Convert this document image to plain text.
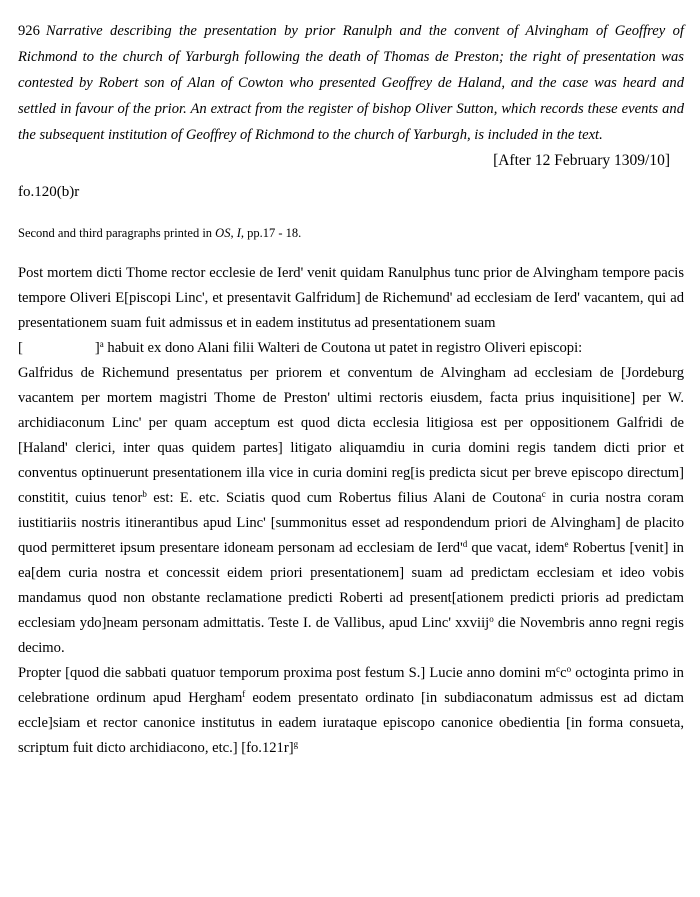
926 Narrative describing the presentation by prior Ranulph and the convent of Alvingham of Geoffrey of Richmond to the church of Yarburgh following the death of Thomas de Preston; the right of presentation was contested by Robert son of Alan of Cowton who presented Geoffrey de Haland, and the case was heard and settled in favour of the prior. An extract from the register of bishop Oliver Sutton, which records these events and the subsequent institution of Geoffrey of Richmond to the church of Yarburgh, is included in the text.

[After 12 February 1309/10]
fo.120(b)r
Second and third paragraphs printed in OS, I, pp.17 - 18.

Post mortem dicti Thome rector ecclesie de Ierd' venit quidam Ranulphus tunc prior de Alvingham tempore pacis tempore Oliveri E[piscopi Linc', et presentavit Galfridum] de Richemund' ad ecclesiam de Ierd' vacantem, qui ad presentationem suam fuit admissus et in eadem institutus ad presentationem suam

[	]$^a$ habuit ex dono Alani filii Walteri de Coutona ut patet in registro Oliveri episcopi:

Galfridus de Richemund presentatus per priorem et conventum de Alvingham ad ecclesiam de [Jordeburg vacantem per mortem magistri Thome de Preston' ultimi rectoris eiusdem, facta prius inquisitione] per W. archidiaconum Linc' per quam acceptum est quod dicta ecclesia litigiosa est per oppositionem Galfridi de [Haland' clerici, inter quas quidem partes] litigato aliquamdiu in curia domini regis tandem dicti prior et conventus optinuerunt presentationem illa vice in curia domini reg[is predicta sicut per breve episcopo directum] constitit, cuius tenor$^b$ est: E. etc. Sciatis quod cum Robertus filius Alani de Coutona$^c$ in curia nostra coram iustitiariis nostris itinerantibus apud Linc' [summonitus esset ad respondendum priori de Alvingham] de placito quod permitteret ipsum presentare idoneam personam ad ecclesiam de $Ierd'^d$ que vacat, idem$^e$ Robertus [venit] in ea[dem curia nostra et concessit eidem priori presentationem] suam ad predictam ecclesiam et ideo vobis mandamus quod non obstante reclamatione predicti Roberti ad present[ationem predicti prioris ad predictam ecclesiam ydo]neam personam admittatis. Teste I. de Vallibus, apud Linc' xxviij$^o$ die Novembris anno regni regis decimo.

Propter [quod die sabbati quatuor temporum proxima post festum S.] Lucie anno domini $m^cc^o$ octoginta primo in celebratione ordinum apud Hergham$^f$ eodem presentato ordinato [in subdiaconatum admissus est ad dictam eccle]siam et rector canonice institutus in eadem iurataque episcopo canonice obedientia [in forma consueta, scriptum fuit dicto archidiacono, etc.] $[fo.121r]^g$
